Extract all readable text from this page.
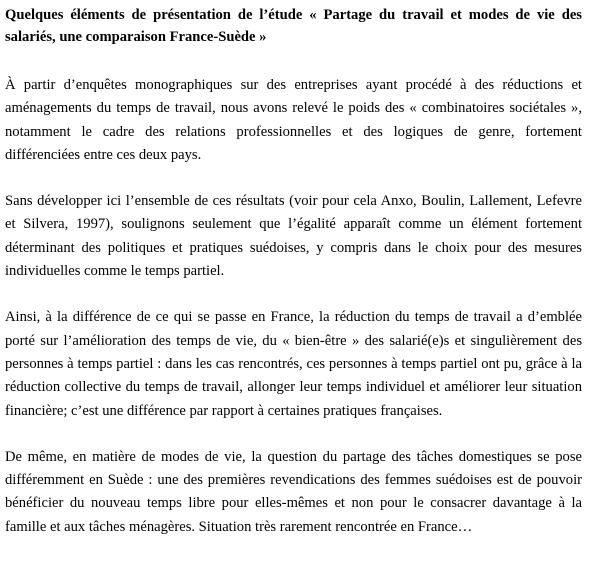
Quelques éléments de présentation de l’étude « Partage du travail et modes de vie des salariés, une comparaison France-Suède »

À partir d’enquêtes monographiques sur des entreprises ayant procédé à des réductions et aménagements du temps de travail, nous avons relevé le poids des « combinatoires sociétales », notamment le cadre des relations professionnelles et des logiques de genre, fortement différenciées entre ces deux pays.

Sans développer ici l’ensemble de ces résultats (voir pour cela Anxo, Boulin, Lallement, Lefevre et Silvera, 1997), soulignons seulement que l’égalité apparaît comme un élément fortement déterminant des politiques et pratiques suédoises, y compris dans le choix pour des mesures individuelles comme le temps partiel.

Ainsi, à la différence de ce qui se passe en France, la réduction du temps de travail a d’emblée porté sur l’amélioration des temps de vie, du « bien-être » des salarié(e)s et singulièrement des personnes à temps partiel : dans les cas rencontrés, ces personnes à temps partiel ont pu, grâce à la réduction collective du temps de travail, allonger leur temps individuel et améliorer leur situation financière; c’est une différence par rapport à certaines pratiques françaises.

De même, en matière de modes de vie, la question du partage des tâches domestiques se pose différemment en Suède : une des premières revendications des femmes suédoises est de pouvoir bénéficier du nouveau temps libre pour elles-mêmes et non pour le consacrer davantage à la famille et aux tâches ménagères. Situation très rarement rencontrée en France…
